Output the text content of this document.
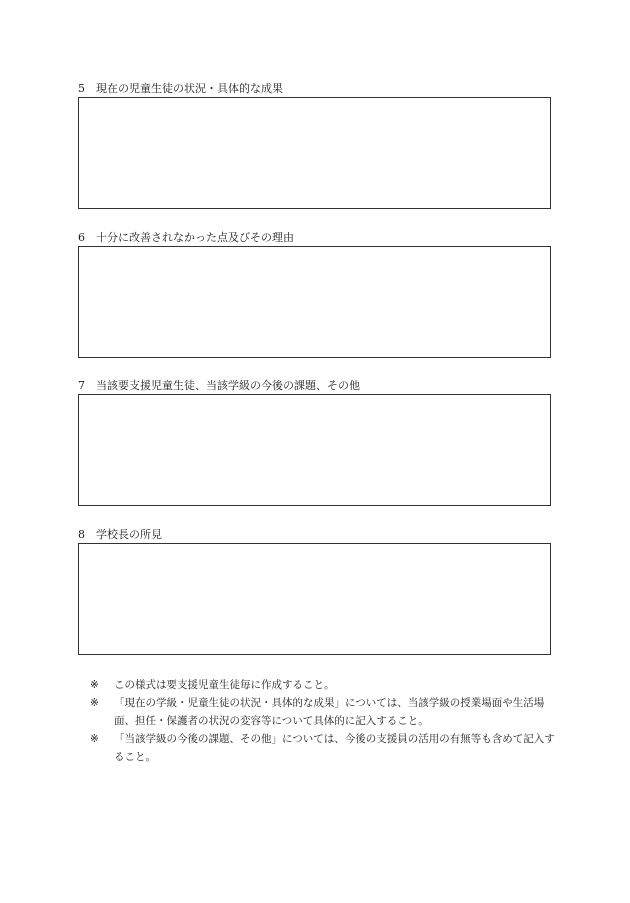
5 現在の児童生徒の状況・具体的な成果
6 十分に改善されなかった点及びその理由
7 当該要支援児童生徒、当該学級の今後の課題、その他
8 学校長の所見
※ この様式は要支援児童生徒毎に作成すること。
※ 「現在の学級・児童生徒の状況・具体的な成果」については、当該学級の授業場面や生活場面、担任・保護者の状況の変容等について具体的に記入すること。
※ 「当該学級の今後の課題、その他」については、今後の支援員の活用の有無等も含めて記入すること。
